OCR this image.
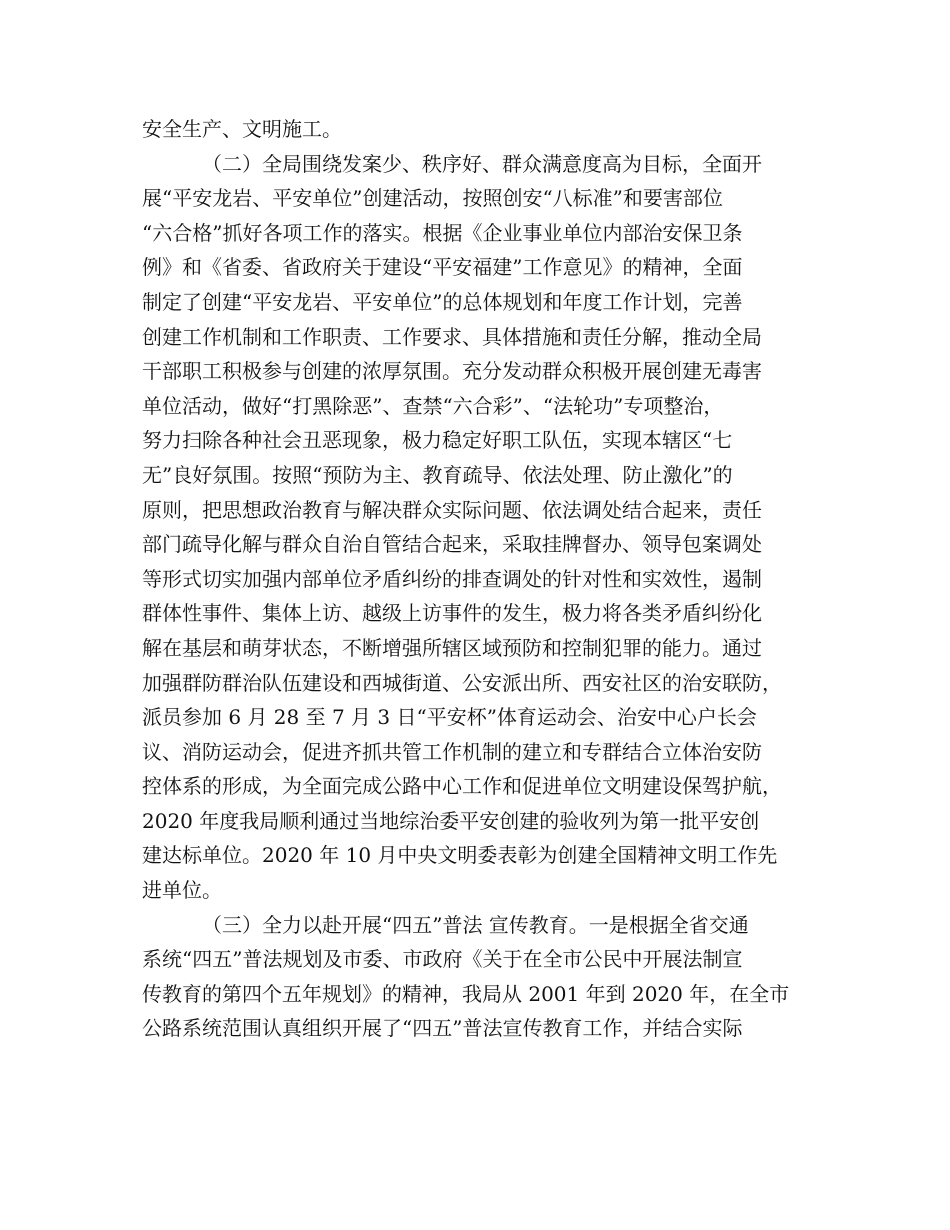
安全生产、文明施工。
（二）全局围绕发案少、秩序好、群众满意度高为目标，全面开
展“平安龙岩、平安单位”创建活动，按照创安“八标准”和要害部位
“六合格”抓好各项工作的落实。根据《企业事业单位内部治安保卫条
例》和《省委、省政府关于建设“平安福建”工作意见》的精神，全面
制定了创建“平安龙岩、平安单位”的总体规划和年度工作计划，完善
创建工作机制和工作职责、工作要求、具体措施和责任分解，推动全局
干部职工积极参与创建的浓厚氛围。充分发动群众积极开展创建无毒害
单位活动，做好“打黑除恶”、查禁“六合彩”、“法轮功”专项整治，
努力扫除各种社会丑恶现象，极力稳定好职工队伍，实现本辖区“七
无”良好氛围。按照“预防为主、教育疏导、依法处理、防止激化”的
原则，把思想政治教育与解决群众实际问题、依法调处结合起来，责任
部门疏导化解与群众自治自管结合起来，采取挂牌督办、领导包案调处
等形式切实加强内部单位矛盾纠纷的排查调处的针对性和实效性，遏制
群体性事件、集体上访、越级上访事件的发生，极力将各类矛盾纠纷化
解在基层和萌芽状态，不断增强所辖区域预防和控制犯罪的能力。通过
加强群防群治队伍建设和西城街道、公安派出所、西安社区的治安联防，
派员参加 6 月 28 至 7 月 3 日“平安杯”体育运动会、治安中心户长会
议、消防运动会，促进齐抓共管工作机制的建立和专群结合立体治安防
控体系的形成，为全面完成公路中心工作和促进单位文明建设保驾护航，
2020 年度我局顺利通过当地综治委平安创建的验收列为第一批平安创
建达标单位。2020 年 10 月中央文明委表彰为创建全国精神文明工作先
进单位。
（三）全力以赴开展“四五”普法 宣传教育。一是根据全省交通
系统“四五”普法规划及市委、市政府《关于在全市公民中开展法制宣
传教育的第四个五年规划》的精神，我局从 2001 年到 2020 年，在全市
公路系统范围认真组织开展了“四五”普法宣传教育工作，并结合实际
